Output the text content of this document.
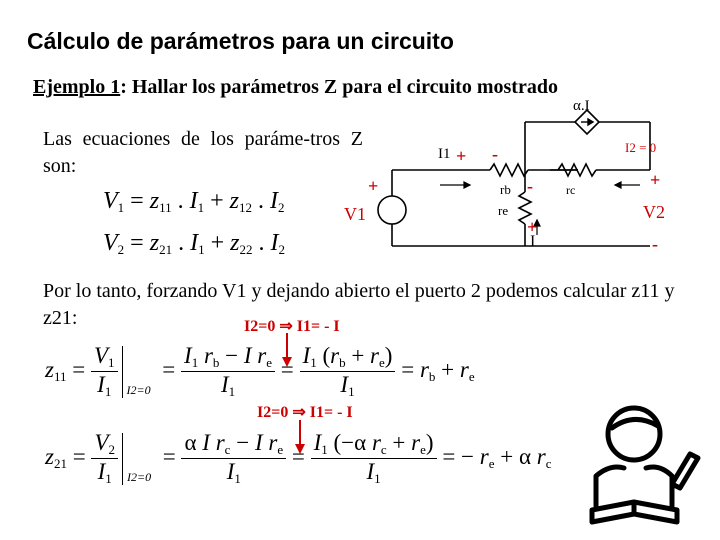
Cálculo de parámetros para un circuito
Ejemplo 1: Hallar los parámetros Z para el circuito mostrado
Las ecuaciones de los paráme-tros Z son:
$V_1 = z_{11}$ . $I_1 + z_{12}$ . $I_2$
$V_2 = z_{21}$ . $I_1 + z_{22}$ . $I_2$
α.I
I1	I2 = 0
rb	rc
re
I
V1	V2
+ -
+	-
+
+
-
Por lo tanto, forzando V1 y dejando abierto el puerto 2 podemos calcular z11 y z21:	I2=0 ⇒ I1= - I
I2=0 ⇒ I1= - I
$z_{11} = \frac{V_1}{I_1} I2=0$
= $\frac{I_1 r_b - I r_e}{I_1} = \frac{I_1 (r_b + r_e)}{I_1} = r_b + r_e$
$z_{21} = \frac{V_2}{I_1} I2=0$
= $\frac{\alpha I r_c - I r_e}{I_1} = \frac{I_1 (-\alpha r_c + r_e)}{I_1}$ = − $r_e + \alpha$ $r_c$
